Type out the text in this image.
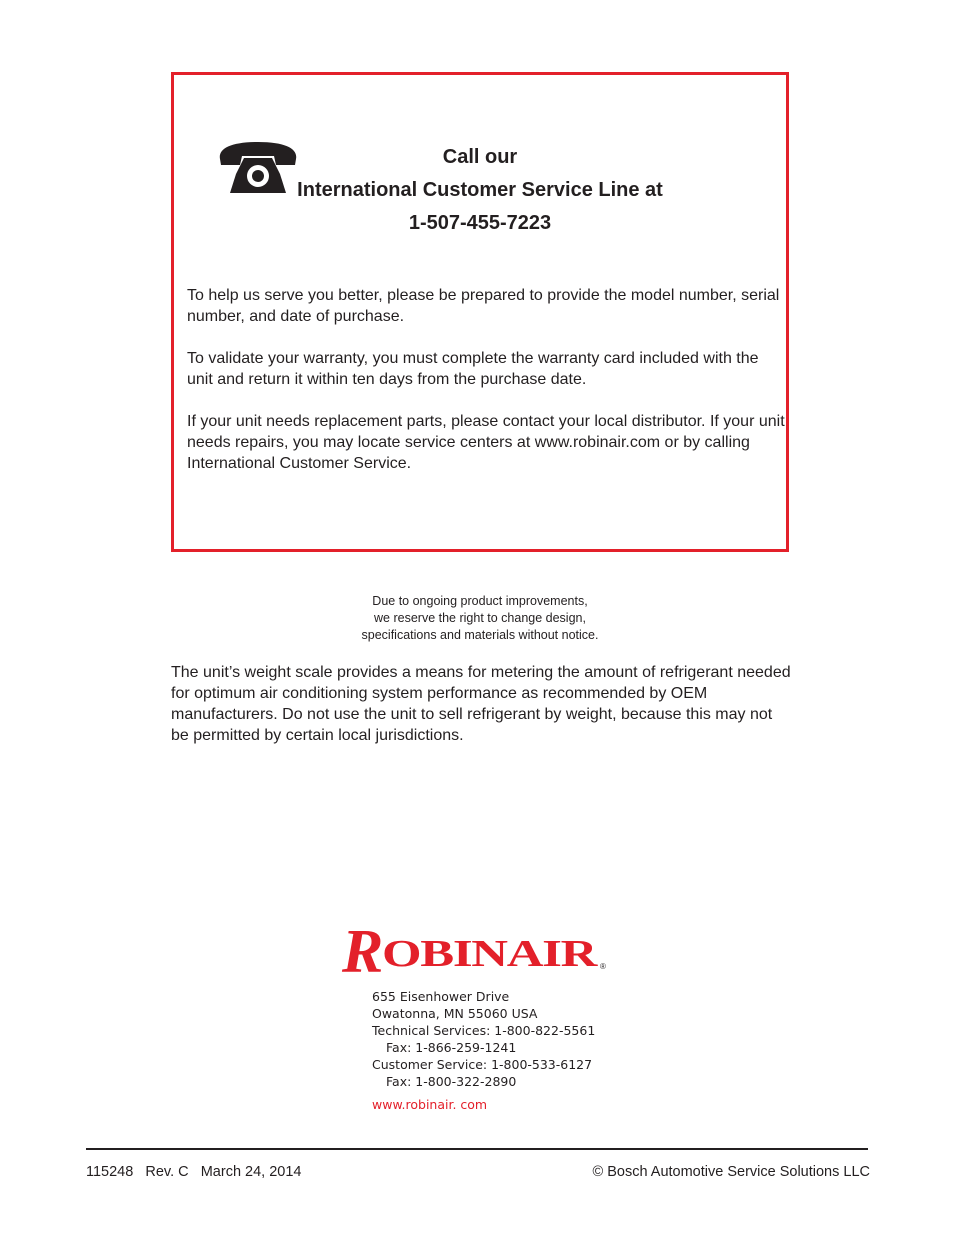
Call our
International Customer Service Line at
1-507-455-7223

To help us serve you better, please be prepared to provide the model number, serial number, and date of purchase.

To validate your warranty, you must complete the warranty card included with the unit and return it within ten days from the purchase date.

If your unit needs replacement parts, please contact your local distributor. If your unit needs repairs, you may locate service centers at www.robinair.com or by calling International Customer Service.

Due to ongoing product improvements,
we reserve the right to change design,
specifications and materials without notice.
The unit’s weight scale provides a means for metering the amount of refrigerant needed for optimum air conditioning system performance as recommended by OEM manufacturers. Do not use the unit to sell refrigerant by weight, because this may not be permitted by certain local jurisdictions.
R
OBINAIR ®
655 Eisenhower Drive
Owatonna, MN 55060 USA
Technical Services: 1-800-822-5561
Fax: 1-866-259-1241
Customer Service: 1-800-533-6127
Fax: 1-800-322-2890
www.robinair. com
115248   Rev. C   March 24, 2014	© Bosch Automotive Service Solutions LLC
